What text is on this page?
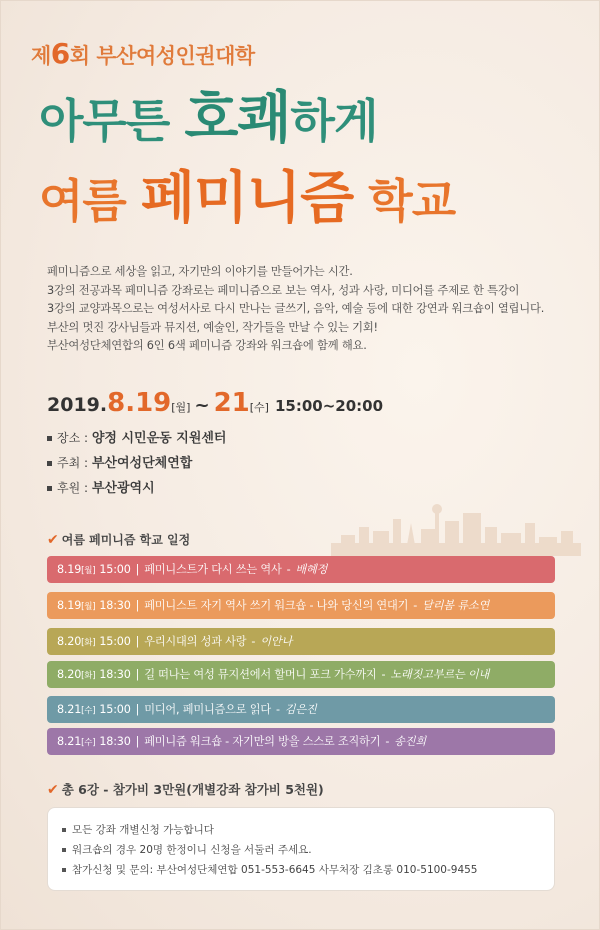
제6회 부산여성인권대학
아무튼 호쾌하게
여름 페미니즘 학교

페미니즘으로 세상을 읽고, 자기만의 이야기를 만들어가는 시간.

3강의 전공과목 페미니즘 강좌로는 페미니즘으로 보는 역사, 성과 사랑, 미디어를 주제로 한 특강이

3강의 교양과목으로는 여성서사로 다시 만나는 글쓰기, 음악, 예술 등에 대한 강연과 워크숍이 열립니다.

부산의 멋진 강사님들과 뮤지션, 예술인, 작가들을 만날 수 있는 기회!

부산여성단체연합의 6인 6색 페미니즘 강좌와 워크숍에 함께 해요.

2019.8.19[월] ~ 21[수] 15:00~20:00
장소 : 양정 시민운동 지원센터
주최 : 부산여성단체연합
후원 : 부산광역시
✔ 여름 페미니즘 학교 일정
8.19[월] 15:00 | 페미니스트가 다시 쓰는 역사 - 배혜정
8.19[월] 18:30 | 페미니스트 자기 역사 쓰기 워크숍 - 나와 당신의 연대기 - 달리봄 류소연
8.20[화] 15:00 | 우리시대의 성과 사랑 - 이안나
8.20[화] 18:30 | 길 떠나는 여성 뮤지션에서 할머니 포크 가수까지 - 노래짓고부르는 이내
8.21[수] 15:00 | 미디어, 페미니즘으로 읽다 - 김은진
8.21[수] 18:30 | 페미니즘 워크숍 - 자기만의 방을 스스로 조직하기 - 송진희
✔ 총 6강 - 참가비 3만원(개별강좌 참가비 5천원)
모든 강좌 개별신청 가능합니다
워크숍의 경우 20명 한정이니 신청을 서둘러 주세요.
참가신청 및 문의: 부산여성단체연합 051-553-6645 사무처장 김초롱 010-5100-9455
